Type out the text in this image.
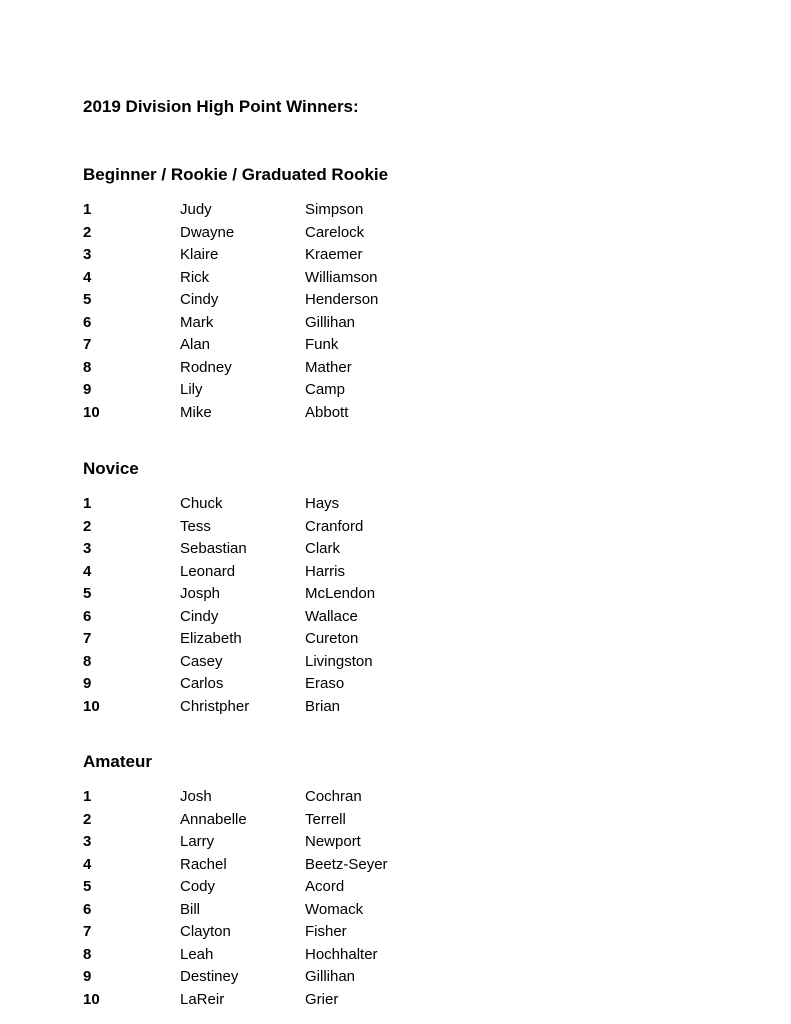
2019 Division High Point Winners:
Beginner / Rookie / Graduated Rookie
1	Judy	Simpson
2	Dwayne	Carelock
3	Klaire	Kraemer
4	Rick	Williamson
5	Cindy	Henderson
6	Mark	Gillihan
7	Alan	Funk
8	Rodney	Mather
9	Lily	Camp
10	Mike	Abbott
Novice
1	Chuck	Hays
2	Tess	Cranford
3	Sebastian	Clark
4	Leonard	Harris
5	Josph	McLendon
6	Cindy	Wallace
7	Elizabeth	Cureton
8	Casey	Livingston
9	Carlos	Eraso
10	Christpher	Brian
Amateur
1	Josh	Cochran
2	Annabelle	Terrell
3	Larry	Newport
4	Rachel	Beetz-Seyer
5	Cody	Acord
6	Bill	Womack
7	Clayton	Fisher
8	Leah	Hochhalter
9	Destiney	Gillihan
10	LaReir	Grier
